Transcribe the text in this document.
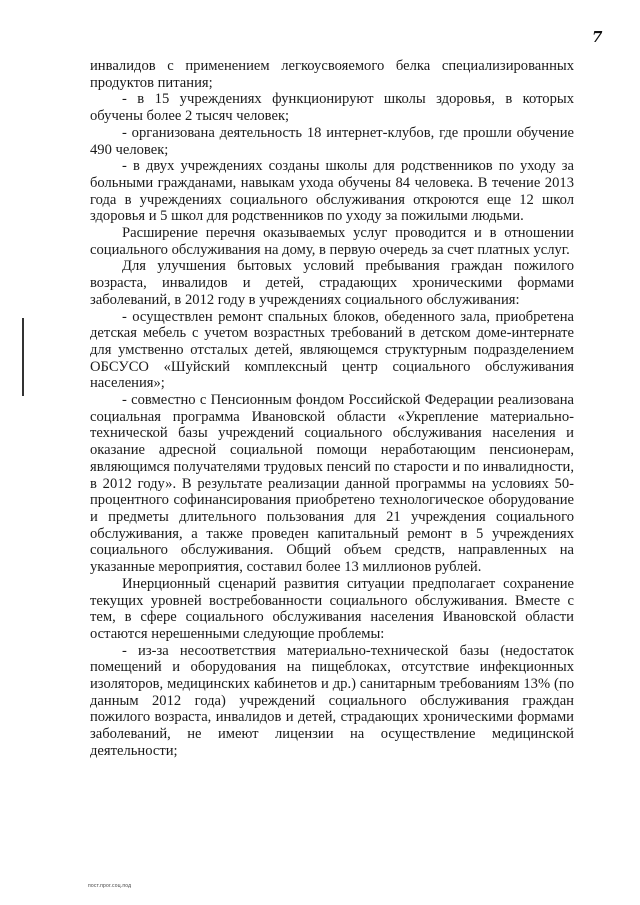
7

инвалидов с применением легкоусвояемого белка специализированных продуктов питания;

- в 15 учреждениях функционируют школы здоровья, в которых обучены более 2 тысяч человек;

- организована деятельность 18 интернет-клубов, где прошли обучение 490 человек;

- в двух учреждениях созданы школы для родственников по уходу за больными гражданами, навыкам ухода обучены 84 человека. В течение 2013 года в учреждениях социального обслуживания откроются еще 12 школ здоровья и 5 школ для родственников по уходу за пожилыми людьми.

Расширение перечня оказываемых услуг проводится и в отношении социального обслуживания на дому, в первую очередь за счет платных услуг.

Для улучшения бытовых условий пребывания граждан пожилого возраста, инвалидов и детей, страдающих хроническими формами заболеваний, в 2012 году в учреждениях социального обслуживания:

- осуществлен ремонт спальных блоков, обеденного зала, приобретена детская мебель с учетом возрастных требований в детском доме-интернате для умственно отсталых детей, являющемся структурным подразделением ОБСУСО «Шуйский комплексный центр социального обслуживания населения»;

- совместно с Пенсионным фондом Российской Федерации реализована социальная программа Ивановской области «Укрепление материально-технической базы учреждений социального обслуживания населения и оказание адресной социальной помощи неработающим пенсионерам, являющимся получателями трудовых пенсий по старости и по инвалидности, в 2012 году». В результате реализации данной программы на условиях 50-процентного софинансирования приобретено технологическое оборудование и предметы длительного пользования для 21 учреждения социального обслуживания, а также проведен капитальный ремонт в 5 учреждениях социального обслуживания. Общий объем средств, направленных на указанные мероприятия, составил более 13 миллионов рублей.

Инерционный сценарий развития ситуации предполагает сохранение текущих уровней востребованности социального обслуживания. Вместе с тем, в сфере социального обслуживания населения Ивановской области остаются нерешенными следующие проблемы:

- из-за несоответствия материально-технической базы (недостаток помещений и оборудования на пищеблоках, отсутствие инфекционных изоляторов, медицинских кабинетов и др.) санитарным требованиям 13% (по данным 2012 года) учреждений социального обслуживания граждан пожилого возраста, инвалидов и детей, страдающих хроническими формами заболеваний, не имеют лицензии на осуществление медицинской деятельности;

пост.прог.соц.под
